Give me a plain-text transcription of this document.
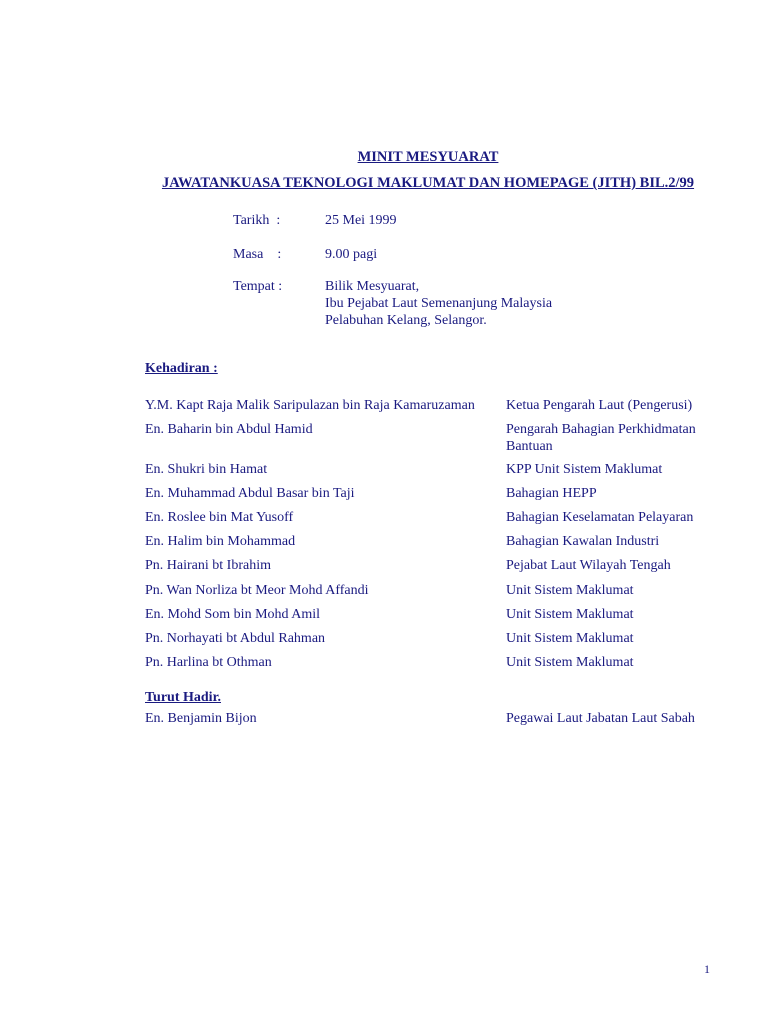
MINIT MESYUARAT
JAWATANKUASA TEKNOLOGI MAKLUMAT DAN HOMEPAGE (JITH) BIL.2/99
Tarikh  :	25 Mei 1999
Masa    :	9.00 pagi
Tempat :	Bilik Mesyuarat,
Ibu Pejabat Laut Semenanjung Malaysia
Pelabuhan Kelang, Selangor.
Kehadiran :
Y.M. Kapt Raja Malik Saripulazan bin Raja Kamaruzaman	Ketua Pengarah Laut (Pengerusi)
En. Baharin bin Abdul Hamid	Pengarah Bahagian Perkhidmatan Bantuan
En. Shukri bin Hamat	KPP Unit Sistem Maklumat
En. Muhammad Abdul Basar bin Taji	Bahagian HEPP
En. Roslee bin Mat Yusoff	Bahagian Keselamatan Pelayaran
En. Halim bin Mohammad	Bahagian Kawalan Industri
Pn. Hairani bt Ibrahim	Pejabat Laut Wilayah Tengah
Pn. Wan Norliza bt Meor Mohd Affandi	Unit Sistem Maklumat
En. Mohd Som bin Mohd Amil	Unit Sistem Maklumat
Pn. Norhayati bt Abdul Rahman	Unit Sistem Maklumat
Pn. Harlina bt Othman	Unit Sistem Maklumat
Turut Hadir.
En. Benjamin Bijon	Pegawai Laut Jabatan Laut Sabah
1
